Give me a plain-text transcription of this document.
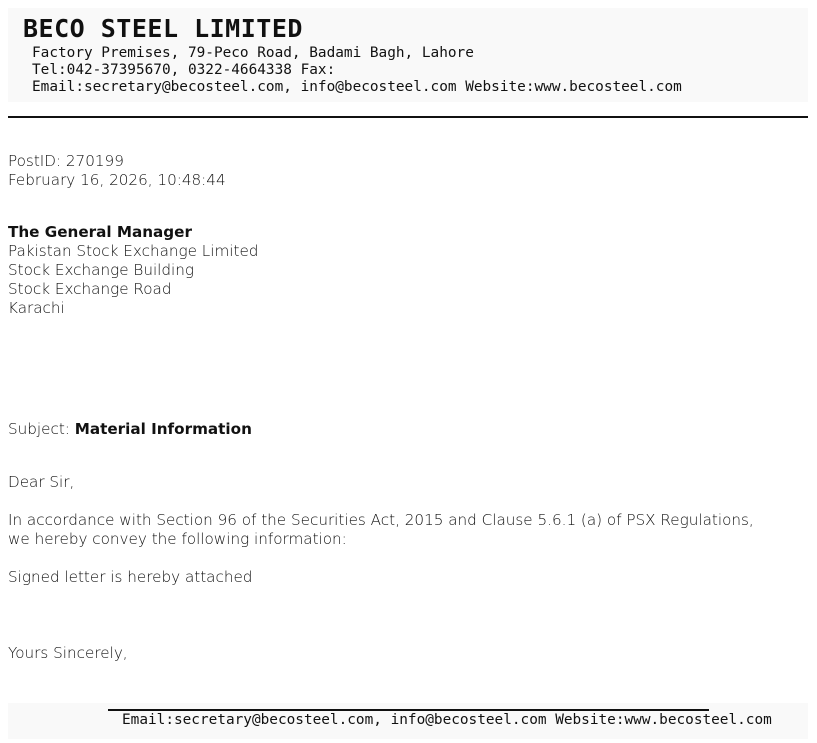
BECO STEEL LIMITED
Factory Premises, 79-Peco Road, Badami Bagh, Lahore
Tel:042-37395670, 0322-4664338 Fax:
Email:secretary@becosteel.com, info@becosteel.com Website:www.becosteel.com
PostID: 270199
February 16, 2026, 10:48:44
The General Manager
Pakistan Stock Exchange Limited
Stock Exchange Building
Stock Exchange Road
Karachi
Subject: Material Information
Dear Sir,
In accordance with Section 96 of the Securities Act, 2015 and Clause 5.6.1 (a) of PSX Regulations,
we hereby convey the following information:
Signed letter is hereby attached
Yours Sincerely,
Email:secretary@becosteel.com, info@becosteel.com Website:www.becosteel.com
